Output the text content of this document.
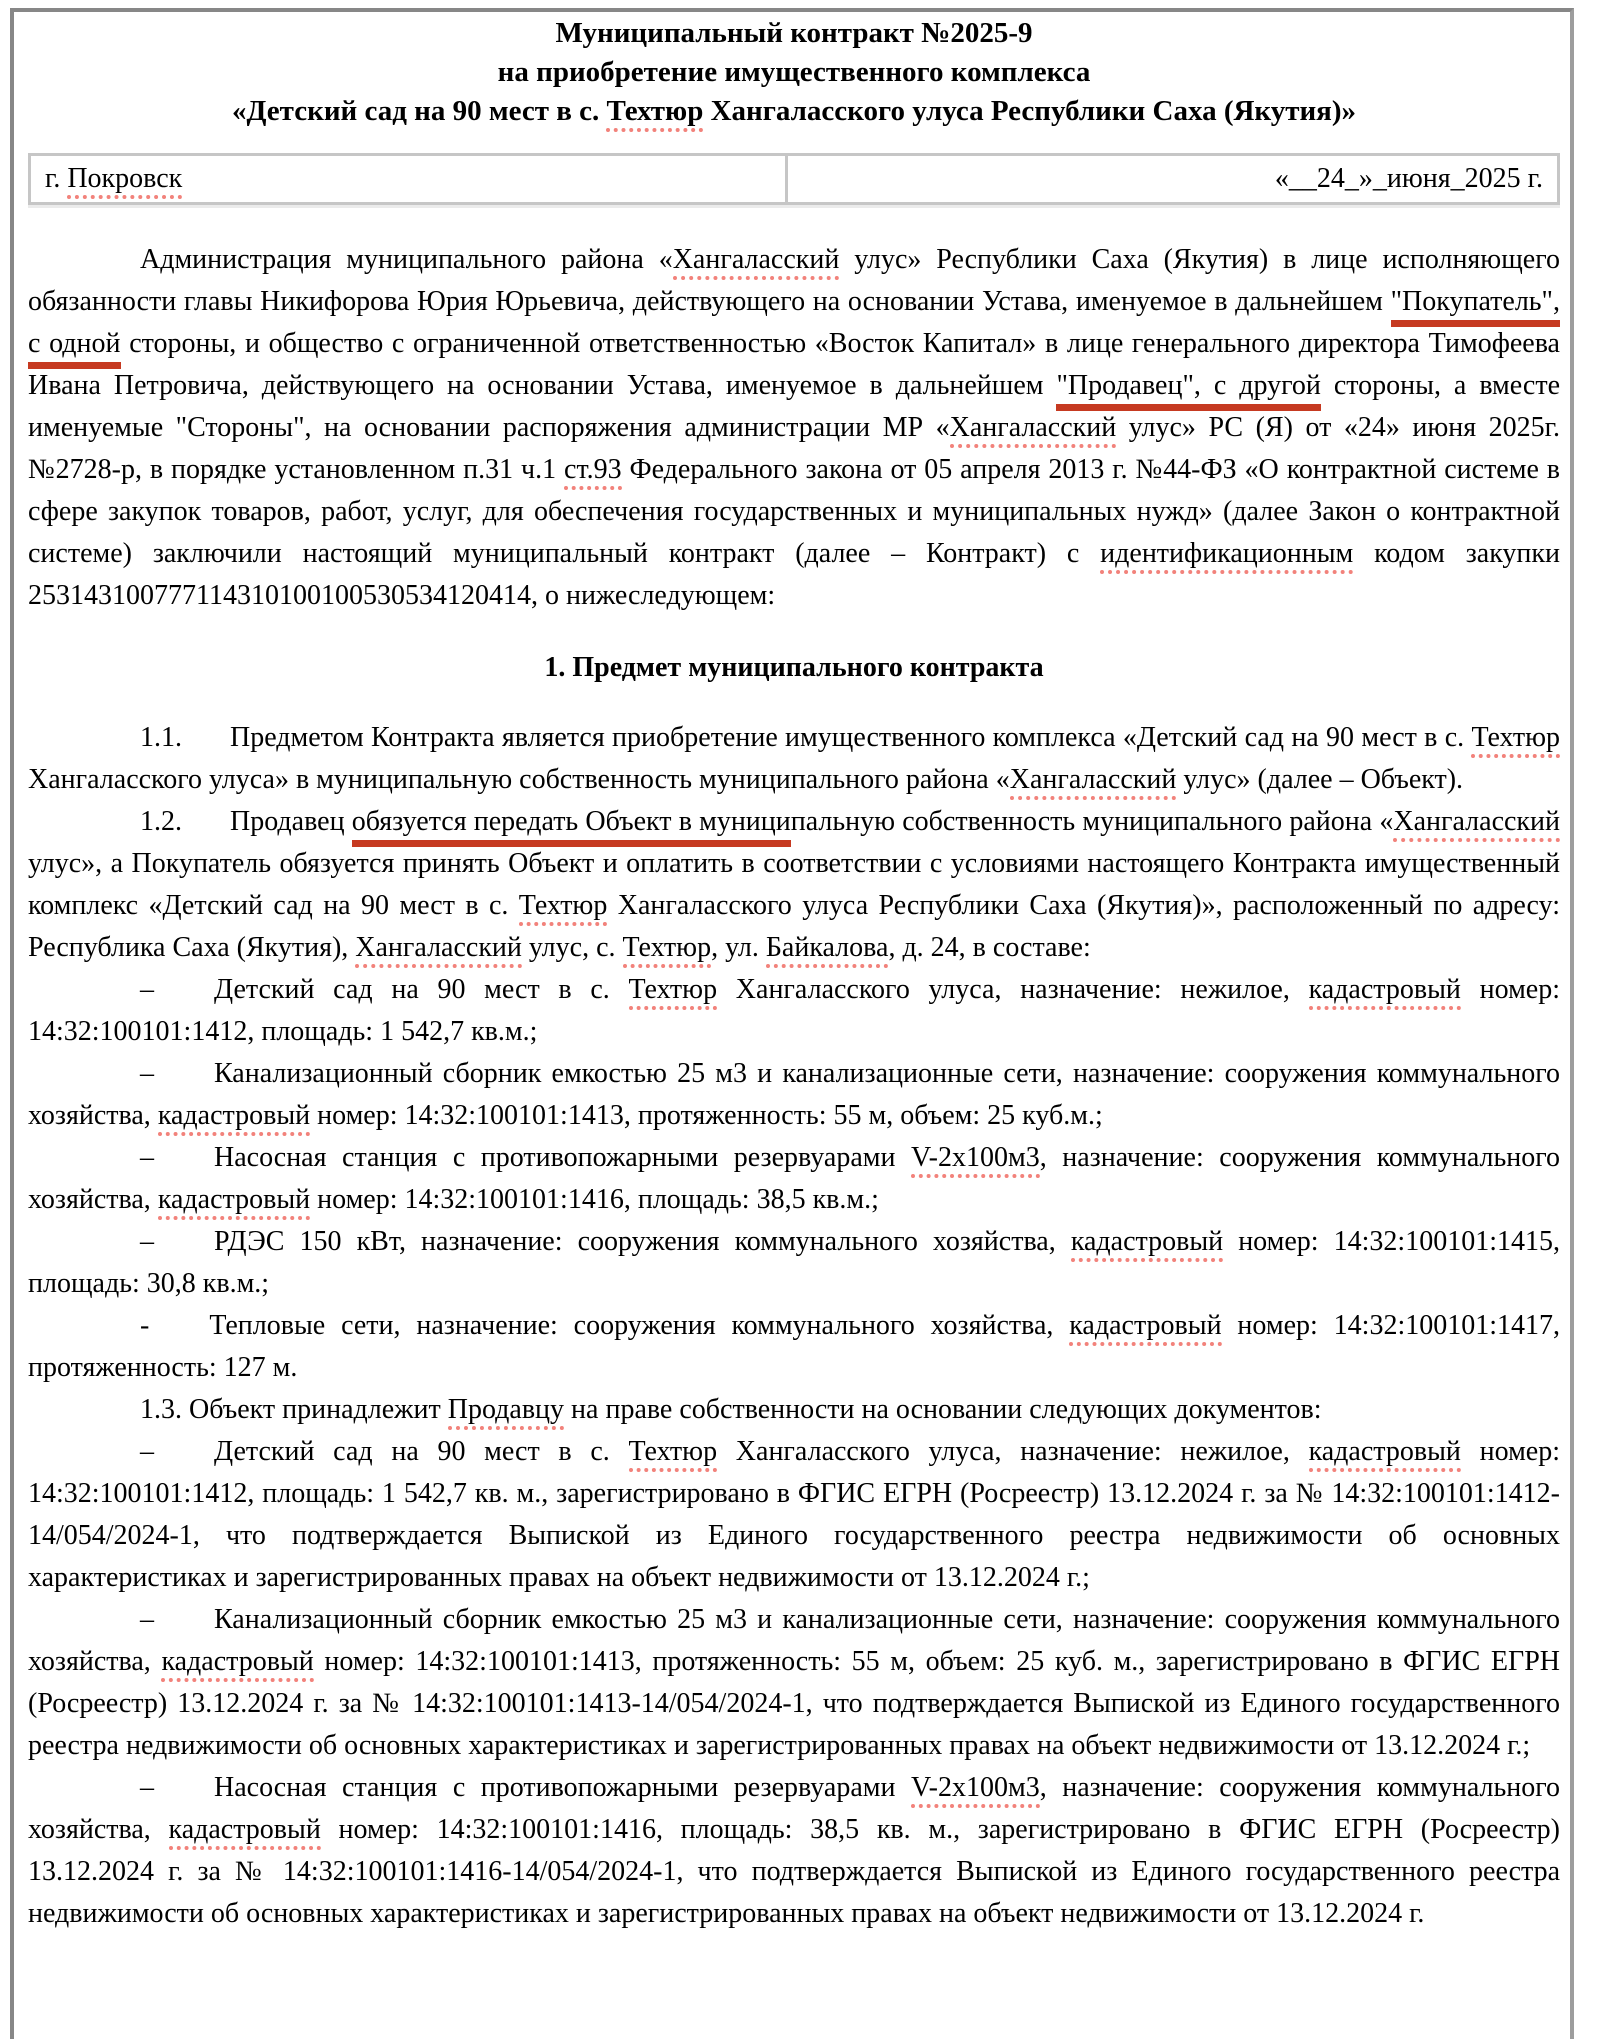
Муниципальный контракт №2025-9

на приобретение имущественного комплекса

«Детский сад на 90 мест в с. Техтюр Хангаласского улуса Республики Саха (Якутия)»

г. Покровск	«__24_»_июня_2025 г.

Администрация муниципального района «Хангаласский улус» Республики Саха (Якутия) в лице исполняющего обязанности главы Никифорова Юрия Юрьевича, действующего на основании Устава, именуемое в дальнейшем "Покупатель", с одной стороны, и общество с ограниченной ответственностью «Восток Капитал» в лице генерального директора Тимофеева Ивана Петровича, действующего на основании Устава, именуемое в дальнейшем "Продавец", с другой стороны, а вместе именуемые "Стороны", на основании распоряжения администрации МР «Хангаласский улус» РС (Я) от «24» июня 2025г. №2728-р, в порядке установленном п.31 ч.1 ст.93 Федерального закона от 05 апреля 2013 г. №44-ФЗ «О контрактной системе в сфере закупок товаров, работ, услуг, для обеспечения государственных и муниципальных нужд» (далее Закон о контрактной системе) заключили настоящий муниципальный контракт (далее – Контракт) с идентификационным кодом закупки 253143100777114310100100530534120414, о нижеследующем:

1. Предмет муниципального контракта

1.1. Предметом Контракта является приобретение имущественного комплекса «Детский сад на 90 мест в с. Техтюр Хангаласского улуса» в муниципальную собственность муниципального района «Хангаласский улус» (далее – Объект).

1.2. Продавец обязуется передать Объект в муниципальную собственность муниципального района «Хангаласский улус», а Покупатель обязуется принять Объект и оплатить в соответствии с условиями настоящего Контракта имущественный комплекс «Детский сад на 90 мест в с. Техтюр Хангаласского улуса Республики Саха (Якутия)», расположенный по адресу: Республика Саха (Якутия), Хангаласский улус, с. Техтюр, ул. Байкалова, д. 24, в составе:

– Детский сад на 90 мест в с. Техтюр Хангаласского улуса, назначение: нежилое, кадастровый номер: 14:32:100101:1412, площадь: 1 542,7 кв.м.;

– Канализационный сборник емкостью 25 м3 и канализационные сети, назначение: сооружения коммунального хозяйства, кадастровый номер: 14:32:100101:1413, протяженность: 55 м, объем: 25 куб.м.;

– Насосная станция с противопожарными резервуарами V-2х100м3, назначение: сооружения коммунального хозяйства, кадастровый номер: 14:32:100101:1416, площадь: 38,5 кв.м.;

– РДЭС 150 кВт, назначение: сооружения коммунального хозяйства, кадастровый номер: 14:32:100101:1415, площадь: 30,8 кв.м.;

- Тепловые сети, назначение: сооружения коммунального хозяйства, кадастровый номер: 14:32:100101:1417, протяженность: 127 м.

1.3. Объект принадлежит Продавцу на праве собственности на основании следующих документов:

– Детский сад на 90 мест в с. Техтюр Хангаласского улуса, назначение: нежилое, кадастровый номер: 14:32:100101:1412, площадь: 1 542,7 кв. м., зарегистрировано в ФГИС ЕГРН (Росреестр) 13.12.2024 г. за № 14:32:100101:1412-14/054/2024-1, что подтверждается Выпиской из Единого государственного реестра недвижимости об основных характеристиках и зарегистрированных правах на объект недвижимости от 13.12.2024 г.;

– Канализационный сборник емкостью 25 м3 и канализационные сети, назначение: сооружения коммунального хозяйства, кадастровый номер: 14:32:100101:1413, протяженность: 55 м, объем: 25 куб. м., зарегистрировано в ФГИС ЕГРН (Росреестр) 13.12.2024 г. за № 14:32:100101:1413-14/054/2024-1, что подтверждается Выпиской из Единого государственного реестра недвижимости об основных характеристиках и зарегистрированных правах на объект недвижимости от 13.12.2024 г.;

– Насосная станция с противопожарными резервуарами V-2х100м3, назначение: сооружения коммунального хозяйства, кадастровый номер: 14:32:100101:1416, площадь: 38,5 кв. м., зарегистрировано в ФГИС ЕГРН (Росреестр) 13.12.2024 г. за № 14:32:100101:1416-14/054/2024-1, что подтверждается Выпиской из Единого государственного реестра недвижимости об основных характеристиках и зарегистрированных правах на объект недвижимости от 13.12.2024 г.
